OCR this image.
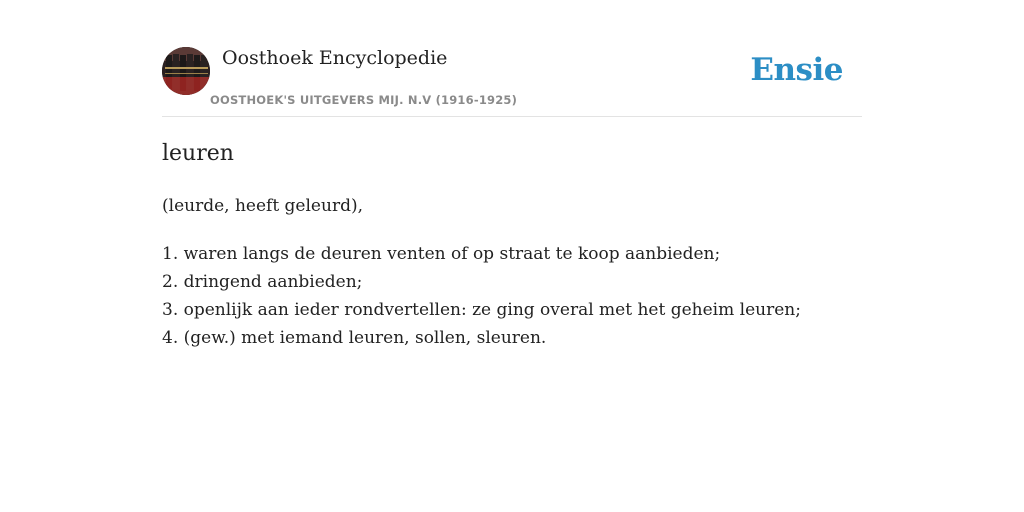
Oosthoek Encyclopedie
OOSTHOEK'S UITGEVERS MIJ. N.V (1916-1925)
Ensie
leuren
(leurde, heeft geleurd),
1. waren langs de deuren venten of op straat te koop aanbieden;
2. dringend aanbieden;
3. openlijk aan ieder rondvertellen: ze ging overal met het geheim leuren;
4. (gew.) met iemand leuren, sollen, sleuren.
